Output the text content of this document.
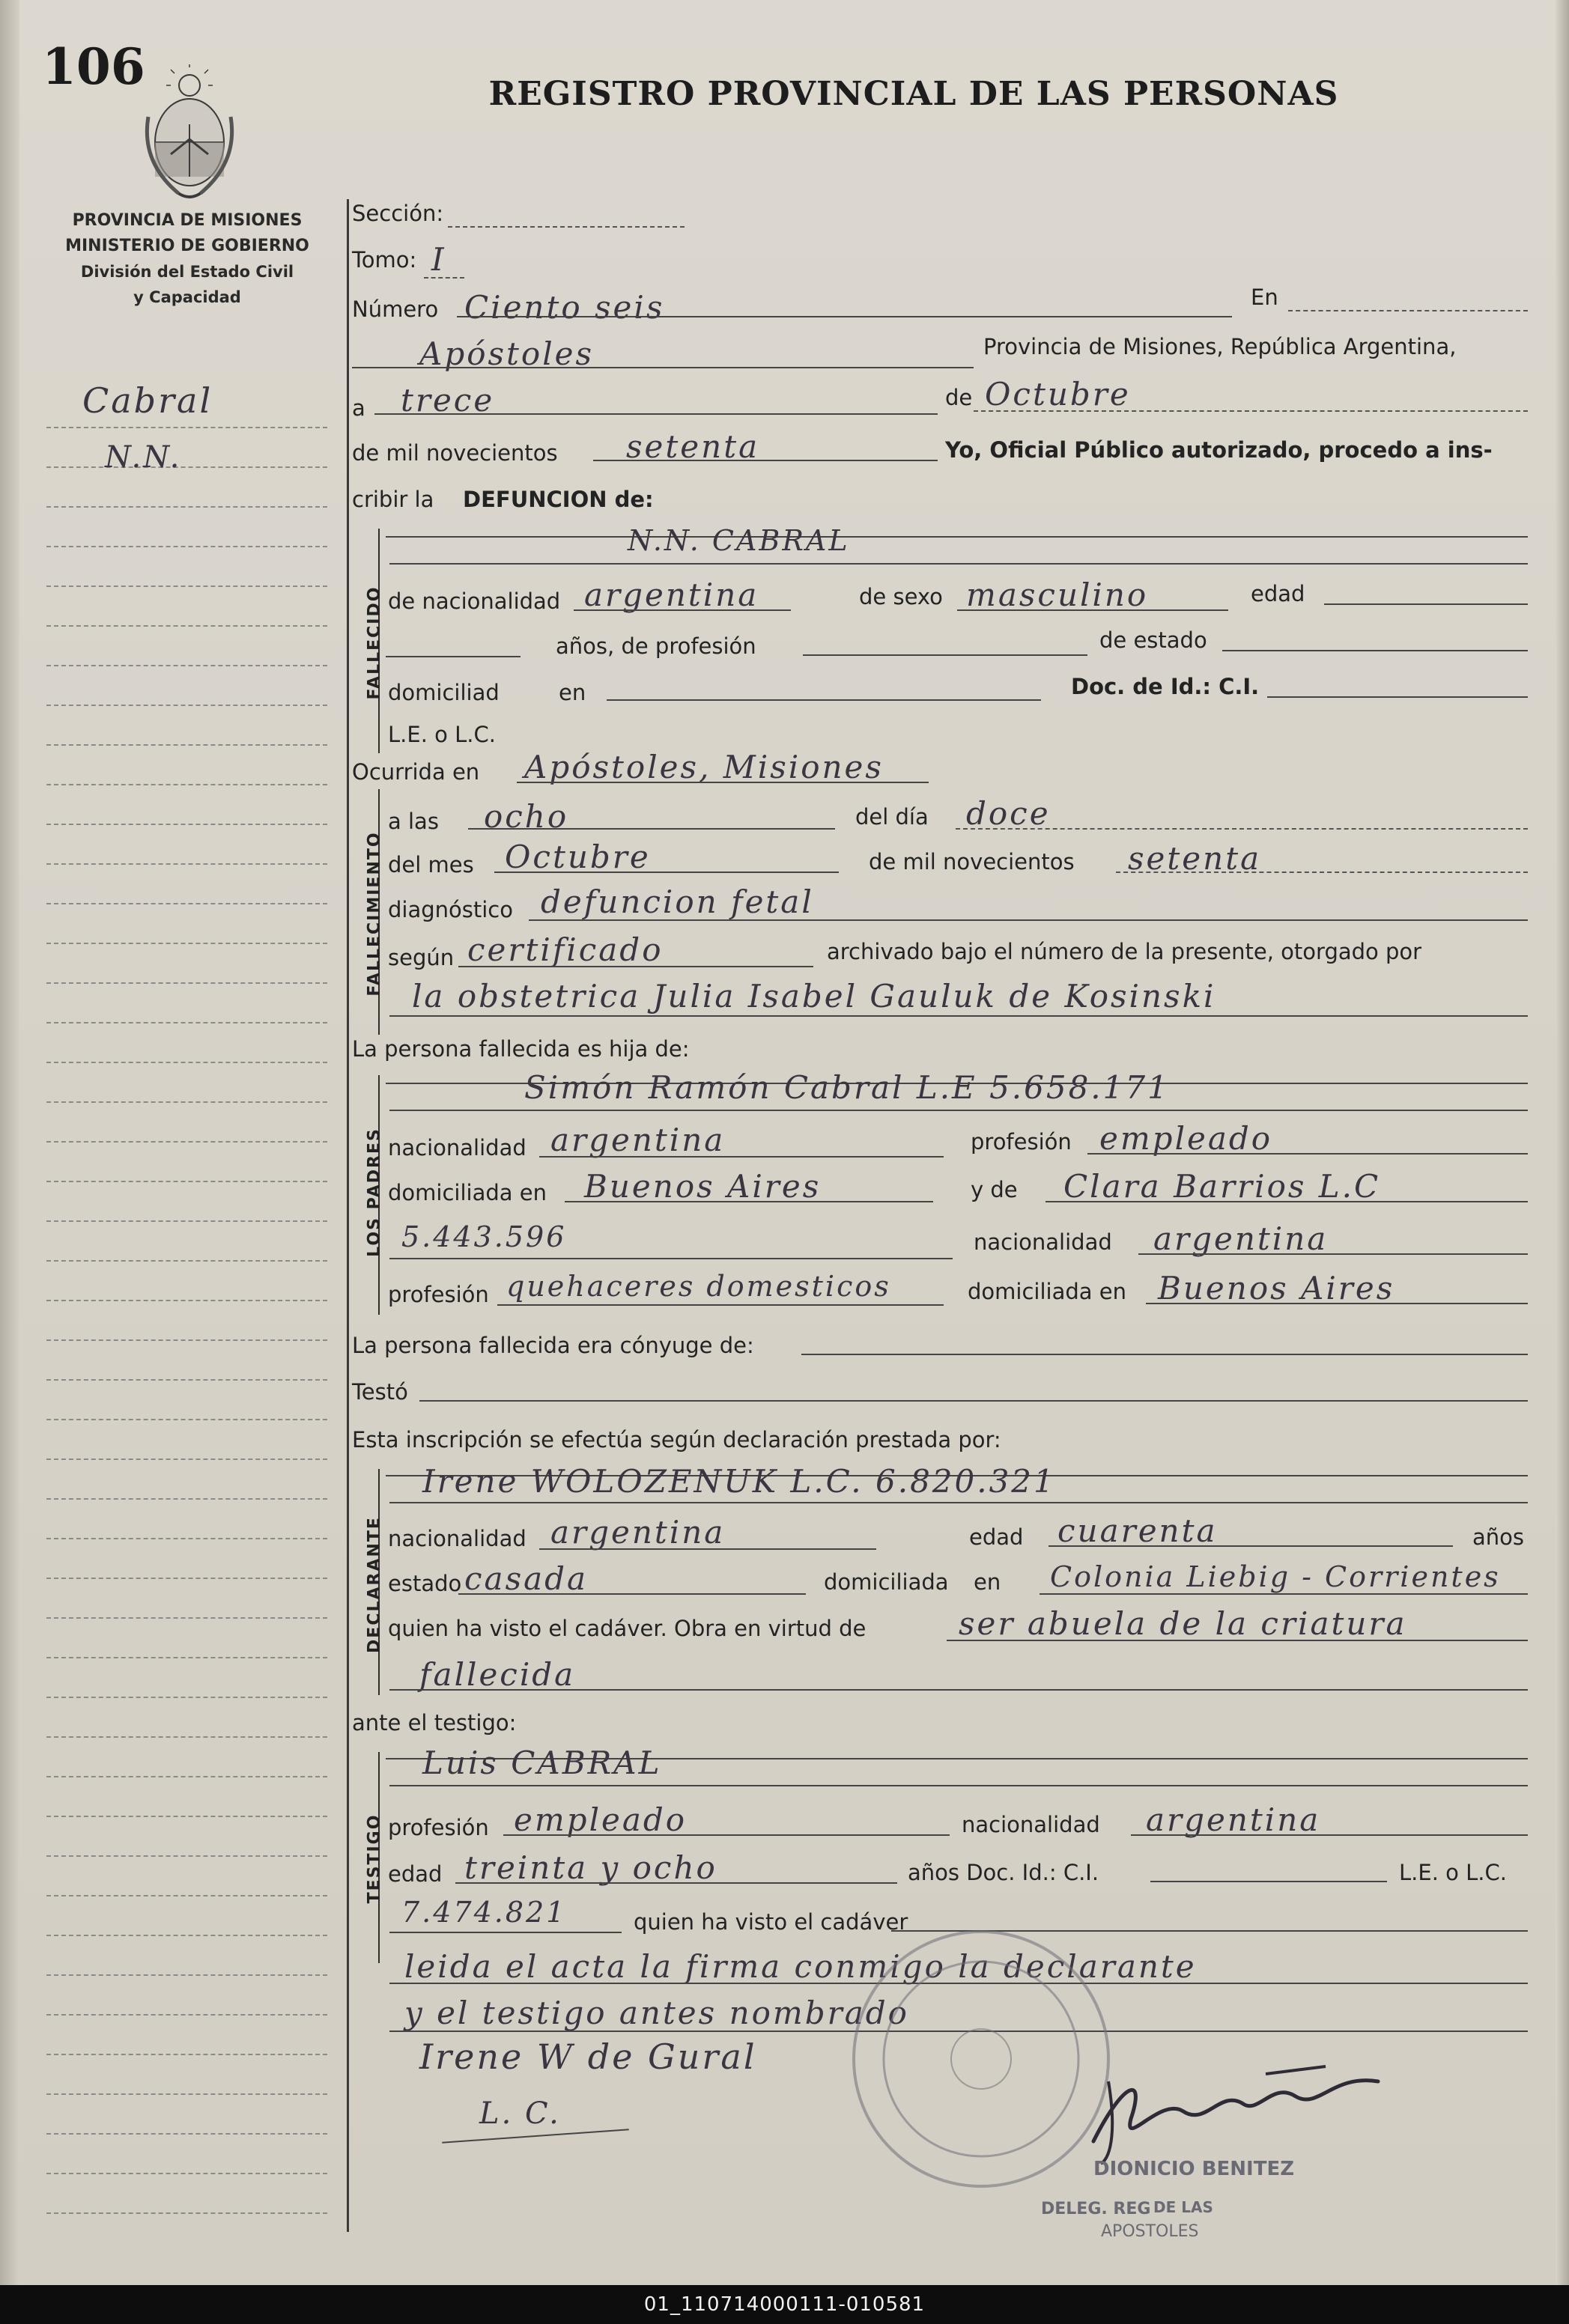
106	REGISTRO PROVINCIAL DE LAS PERSONAS
PROVINCIA DE MISIONES
MINISTERIO DE GOBIERNO
División del Estado Civil
y Capacidad
Cabral
N.N.
Sección:
Tomo: I
Número Ciento seis	En
Apóstoles	Provincia de Misiones, República Argentina,
a trece	de Octubre
de mil novecientos setenta	Yo, Oficial Público autorizado, procedo a ins-
cribir la DEFUNCION de:
FALLECIDO
N.N. CABRAL
de nacionalidad argentina	de sexo masculino	edad
años, de profesión	de estado
domiciliad	en	Doc. de Id.: C.I.
L.E. o L.C.
Ocurrida en Apóstoles, Misiones
FALLECIMIENTO
a las ocho	del día doce
del mes Octubre	de mil novecientos setenta
diagnóstico defuncion fetal
según certificado	archivado bajo el número de la presente, otorgado por
la obstetrica Julia Isabel Gauluk de Kosinski
La persona fallecida es hija de:
LOS PADRES
Simón Ramón Cabral L.E 5.658.171
nacionalidad argentina	profesión empleado
domiciliada en Buenos Aires	y de Clara Barrios L.C
5.443.596	nacionalidad argentina
profesión quehaceres domesticos	domiciliada en Buenos Aires
La persona fallecida era cónyuge de:
Testó
Esta inscripción se efectúa según declaración prestada por:
DECLARANTE
Irene WOLOZENUK L.C. 6.820.321
nacionalidad argentina	edad cuarenta	años
estado casada	domiciliada en Colonia Liebig - Corrientes
quien ha visto el cadáver. Obra en virtud de	ser abuela de la criatura
fallecida
ante el testigo:
TESTIGO
Luis CABRAL
profesión empleado	nacionalidad argentina
edad treinta y ocho	años Doc. Id.: C.I.	L.E. o L.C.
7.474.821	quien ha visto el cadáver
leida el acta la firma conmigo la declarante
y el testigo antes nombrado
Irene W de Gural
L. C.
DIONICIO BENITEZ
DELEG. REG DE LAS
APOSTOLES
01_110714000111-010581
